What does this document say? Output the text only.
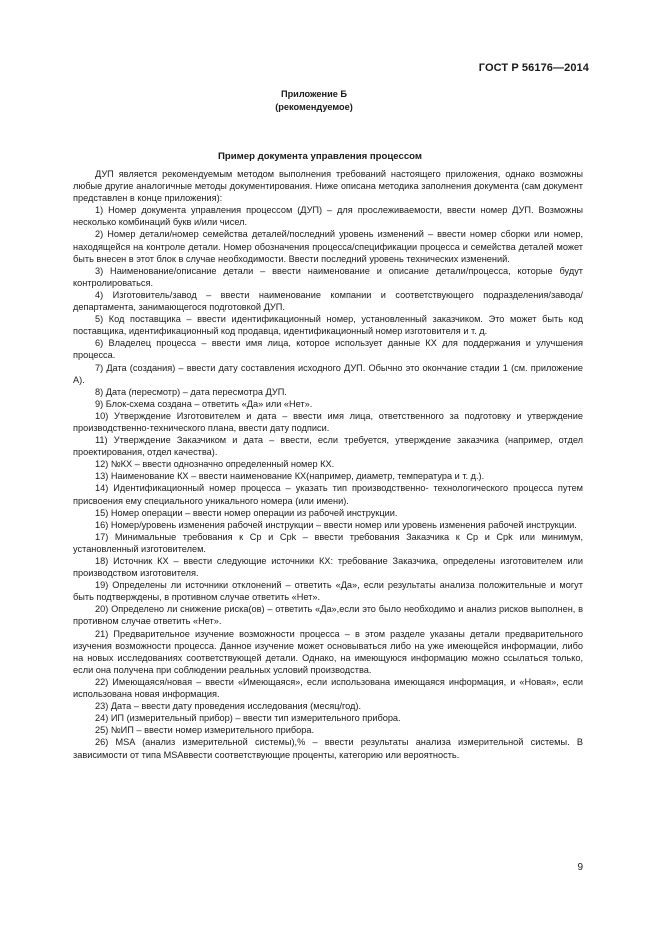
ГОСТ Р 56176—2014
Приложение Б
(рекомендуемое)
Пример документа управления процессом

ДУП является рекомендуемым методом выполнения требований настоящего приложения, однако возможны любые другие аналогичные методы документирования. Ниже описана методика заполнения документа (сам документ представлен в конце приложения):

1) Номер документа управления процессом (ДУП) – для прослеживаемости, ввести номер ДУП. Возможны несколько комбинаций букв и/или чисел.

2) Номер детали/номер семейства деталей/последний уровень изменений – ввести номер сборки или номер, находящейся на контроле детали. Номер обозначения процесса/спецификации процесса и семейства деталей может быть внесен в этот блок в случае необходимости. Ввести последний уровень технических изменений.

3) Наименование/описание детали – ввести наименование и описание детали/процесса, которые будут контролироваться.

4) Изготовитель/завод – ввести наименование компании и соответствующего подразделения/завода/департамента, занимающегося подготовкой ДУП.

5) Код поставщика – ввести идентификационный номер, установленный заказчиком. Это может быть код поставщика, идентификационный код продавца, идентификационный номер изготовителя и т. д.

6) Владелец процесса – ввести имя лица, которое использует данные КХ для поддержания и улучшения процесса.

7) Дата (создания) – ввести дату составления исходного ДУП. Обычно это окончание стадии 1 (см. приложение А).

8) Дата (пересмотр) – дата пересмотра ДУП.

9) Блок-схема создана – ответить «Да» или «Нет».

10) Утверждение Изготовителем и дата – ввести имя лица, ответственного за подготовку и утверждение производственно-технического плана, ввести дату подписи.

11) Утверждение Заказчиком и дата – ввести, если требуется, утверждение заказчика (например, отдел проектирования, отдел качества).

12) №КХ – ввести однозначно определенный номер КХ.

13) Наименование КХ – ввести наименование КХ(например, диаметр, температура и т. д.).

14) Идентификационный номер процесса – указать тип производственно- технологического процесса путем присвоения ему специального уникального номера (или имени).

15) Номер операции – ввести номер операции из рабочей инструкции.

16) Номер/уровень изменения рабочей инструкции – ввести номер или уровень изменения рабочей инструкции.

17) Минимальные требования к Cp и Cpk – ввести требования Заказчика к Cp и Cpk или минимум, установленный изготовителем.

18) Источник КХ – ввести следующие источники КХ: требование Заказчика, определены изготовителем или производством изготовителя.

19) Определены ли источники отклонений – ответить «Да», если результаты анализа положительные и могут быть подтверждены, в противном случае ответить «Нет».

20) Определено ли снижение риска(ов) – ответить «Да»,если это было необходимо и анализ рисков выполнен, в противном случае ответить «Нет».

21) Предварительное изучение возможности процесса – в этом разделе указаны детали предварительного изучения возможности процесса. Данное изучение может основываться либо на уже имеющейся информации, либо на новых исследованиях соответствующей детали. Однако, на имеющуюся информацию можно ссылаться только, если она получена при соблюдении реальных условий производства.

22) Имеющаяся/новая – ввести «Имеющаяся», если использована имеющаяся информация, и «Новая», если использована новая информация.

23) Дата – ввести дату проведения исследования (месяц/год).

24) ИП (измерительный прибор) – ввести тип измерительного прибора.

25) №ИП – ввести номер измерительного прибора.

26) MSA (анализ измерительной системы),% – ввести результаты анализа измерительной системы. В зависимости от типа MSAввести соответствующие проценты, категорию или вероятность.

9
